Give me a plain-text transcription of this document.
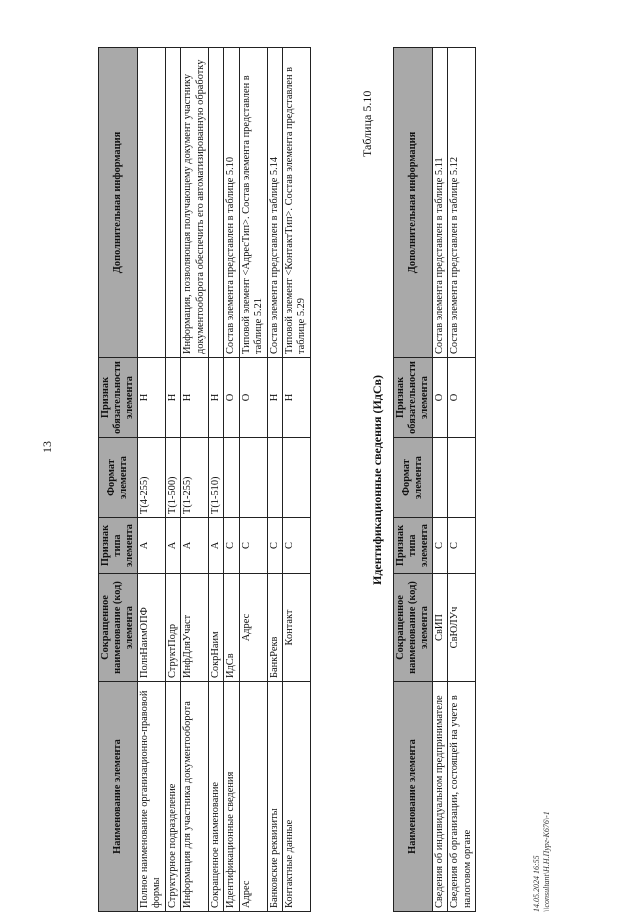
13
Наименование элемента	Сокращенное наименование (код) элемента	Признак типа элемента	Формат элемента	Признак обязательности элемента	Дополнительная информация
Полное наименование организационно-правовой формы	ПолнНаимОПФ	А	T(4-255)	Н	
Структурное подразделение	СтруктПодр	А	T(1-500)	Н	
Информация для участника документооборота	ИнфДляУчаст	А	T(1-255)	Н	Информация, позволяющая получающему документ участнику документооборота обеспечить его автоматизированную обработку
Сокращенное наименование	СокрНаим	А	T(1-510)	Н	
Идентификационные сведения	ИдСв	С		О	Состав элемента представлен в таблице 5.10
Адрес	Адрес	С		О	Типовой элемент <АдресТип>. Состав элемента представлен в таблице 5.21
Банковские реквизиты	БанкРекв	С		Н	Состав элемента представлен в таблице 5.14
Контактные данные	Контакт	С		Н	Типовой элемент <КонтактТип>. Состав элемента представлен в таблице 5.29
Таблица 5.10
Идентификационные сведения (ИдСв)
Наименование элемента	Сокращенное наименование (код) элемента	Признак типа элемента	Формат элемента	Признак обязательности элемента	Дополнительная информация
Сведения об индивидуальном предпринимателе	СвИП	С		О	Состав элемента представлен в таблице 5.11
Сведения об организации, состоящей на учете в налоговом органе	СвЮЛУч	С		О	Состав элемента представлен в таблице 5.12
14.05.2024 16:55 \\consultant\Н.Н.Пург-К676\-1
